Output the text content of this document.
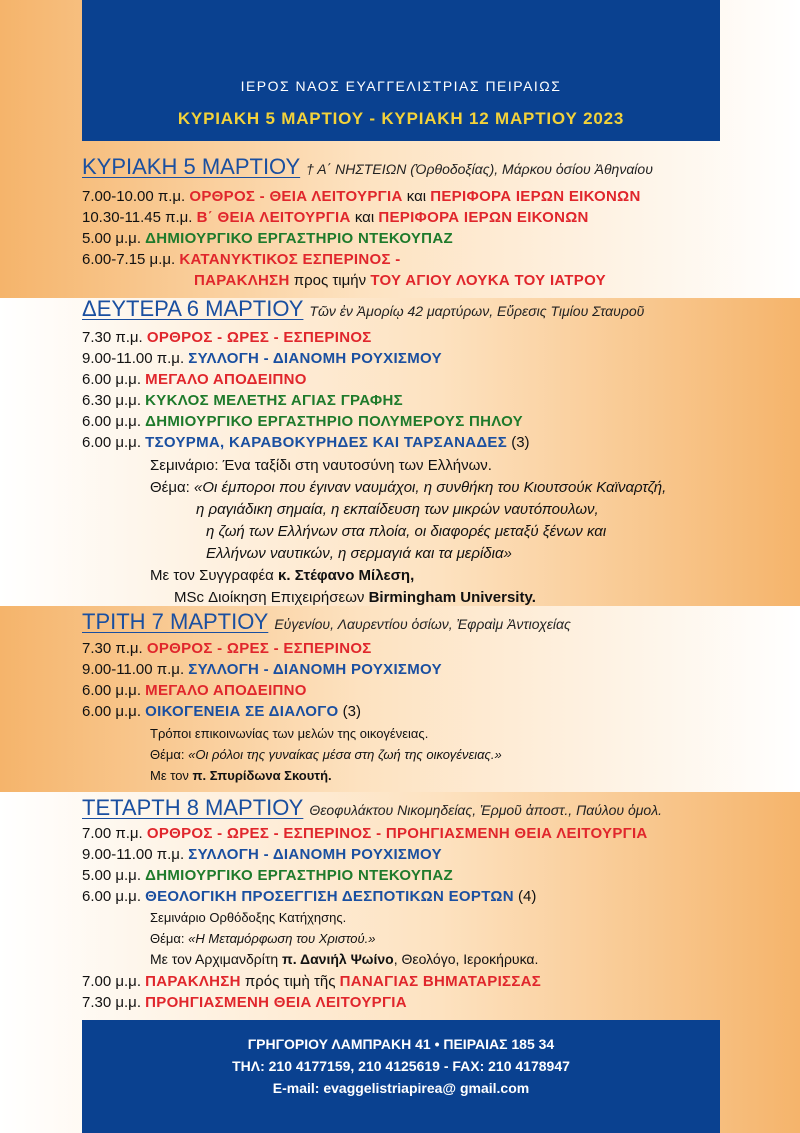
ΙΕΡΟΣ ΝΑΟΣ ΕΥΑΓΓΕΛΙΣΤΡΙΑΣ ΠΕΙΡΑΙΩΣ
ΚΥΡΙΑΚΗ 5 ΜΑΡΤΙΟΥ - ΚΥΡΙΑΚΗ 12 ΜΑΡΤΙΟΥ 2023
ΚΥΡΙΑΚΗ 5 ΜΑΡΤΙΟΥ † Α΄ ΝΗΣΤΕΙΩΝ (Ὀρθοδοξίας), Μάρκου ὁσίου Ἀθηναίου
7.00-10.00 π.μ. ΟΡΘΡΟΣ - ΘΕΙΑ ΛΕΙΤΟΥΡΓΙΑ και ΠΕΡΙΦΟΡΑ ΙΕΡΩΝ ΕΙΚΟΝΩΝ
10.30-11.45 π.μ. Β΄ ΘΕΙΑ ΛΕΙΤΟΥΡΓΙΑ και ΠΕΡΙΦΟΡΑ ΙΕΡΩΝ ΕΙΚΟΝΩΝ
5.00 μ.μ. ΔΗΜΙΟΥΡΓΙΚΟ ΕΡΓΑΣΤΗΡΙΟ ΝΤΕΚΟΥΠΑΖ
6.00-7.15 μ.μ. ΚΑΤΑΝΥΚΤΙΚΟΣ ΕΣΠΕΡΙΝΟΣ -
ΠΑΡΑΚΛΗΣΗ προς τιμήν ΤΟΥ ΑΓΙΟΥ ΛΟΥΚΑ ΤΟΥ ΙΑΤΡΟΥ
ΔΕΥΤΕΡΑ 6 ΜΑΡΤΙΟΥ Τῶν ἐν Ἀμορίῳ 42 μαρτύρων, Εὕρεσις Τιμίου Σταυροῦ
7.30 π.μ. ΟΡΘΡΟΣ - ΩΡΕΣ - ΕΣΠΕΡΙΝΟΣ
9.00-11.00 π.μ. ΣΥΛΛΟΓΗ - ΔΙΑΝΟΜΗ ΡΟΥΧΙΣΜΟΥ
6.00 μ.μ. ΜΕΓΑΛΟ ΑΠΟΔΕΙΠΝΟ
6.30 μ.μ. ΚΥΚΛΟΣ ΜΕΛΕΤΗΣ ΑΓΙΑΣ ΓΡΑΦΗΣ
6.00 μ.μ. ΔΗΜΙΟΥΡΓΙΚΟ ΕΡΓΑΣΤΗΡΙΟ ΠΟΛΥΜΕΡΟΥΣ ΠΗΛΟΥ
6.00 μ.μ. ΤΣΟΥΡΜΑ, ΚΑΡΑΒΟΚΥΡΗΔΕΣ ΚΑΙ ΤΑΡΣΑΝΑΔΕΣ (3)
Σεμινάριο: Ένα ταξίδι στη ναυτοσύνη των Ελλήνων.
Θέμα: «Οι έμποροι που έγιναν ναυμάχοι, η συνθήκη του Κιουτσούκ Καϊναρτζή,
η ραγιάδικη σημαία, η εκπαίδευση των μικρών ναυτόπουλων,
η ζωή των Ελλήνων στα πλοία, οι διαφορές μεταξύ ξένων και
Ελλήνων ναυτικών, η σερμαγιά και τα μερίδια»
Με τον Συγγραφέα κ. Στέφανο Μίλεση,
MSc Διοίκηση Επιχειρήσεων Birmingham University.
ΤΡΙΤΗ 7 ΜΑΡΤΙΟΥ Εὐγενίου, Λαυρεντίου ὁσίων, Ἐφραὶμ Ἀντιοχείας
7.30 π.μ. ΟΡΘΡΟΣ - ΩΡΕΣ - ΕΣΠΕΡΙΝΟΣ
9.00-11.00 π.μ. ΣΥΛΛΟΓΗ - ΔΙΑΝΟΜΗ ΡΟΥΧΙΣΜΟΥ
6.00 μ.μ. ΜΕΓΑΛΟ ΑΠΟΔΕΙΠΝΟ
6.00 μ.μ. ΟΙΚΟΓΕΝΕΙΑ ΣΕ ΔΙΑΛΟΓΟ (3)
Τρόποι επικοινωνίας των μελών της οικογένειας.
Θέμα: «Οι ρόλοι της γυναίκας μέσα στη ζωή της οικογένειας.»
Με τον π. Σπυρίδωνα Σκουτή.
ΤΕΤΑΡΤΗ 8 ΜΑΡΤΙΟΥ Θεοφυλάκτου Νικομηδείας, Ἑρμοῦ ἀποστ., Παύλου ὁμολ.
7.00 π.μ. ΟΡΘΡΟΣ - ΩΡΕΣ - ΕΣΠΕΡΙΝΟΣ - ΠΡΟΗΓΙΑΣΜΕΝΗ ΘΕΙΑ ΛΕΙΤΟΥΡΓΙΑ
9.00-11.00 π.μ. ΣΥΛΛΟΓΗ - ΔΙΑΝΟΜΗ ΡΟΥΧΙΣΜΟΥ
5.00 μ.μ. ΔΗΜΙΟΥΡΓΙΚΟ ΕΡΓΑΣΤΗΡΙΟ ΝΤΕΚΟΥΠΑΖ
6.00 μ.μ. ΘΕΟΛΟΓΙΚΗ ΠΡΟΣΕΓΓΙΣΗ ΔΕΣΠΟΤΙΚΩΝ ΕΟΡΤΩΝ (4)
Σεμινάριο Ορθόδοξης Κατήχησης.
Θέμα: «Η Μεταμόρφωση του Χριστού.»
Με τον Αρχιμανδρίτη π. Δανιήλ Ψωίνο, Θεολόγο, Ιεροκήρυκα.
7.00 μ.μ. ΠΑΡΑΚΛΗΣΗ πρός τιμὴ τῆς ΠΑΝΑΓΙΑΣ ΒΗΜΑΤΑΡΙΣΣΑΣ
7.30 μ.μ. ΠΡΟΗΓΙΑΣΜΕΝΗ ΘΕΙΑ ΛΕΙΤΟΥΡΓΙΑ
ΓΡΗΓΟΡΙΟΥ ΛΑΜΠΡΑΚΗ 41 • ΠΕΙΡΑΙΑΣ 185 34
ΤΗΛ: 210 4177159, 210 4125619 - FAX: 210 4178947
E-mail: evaggelistriapirea@ gmail.com
